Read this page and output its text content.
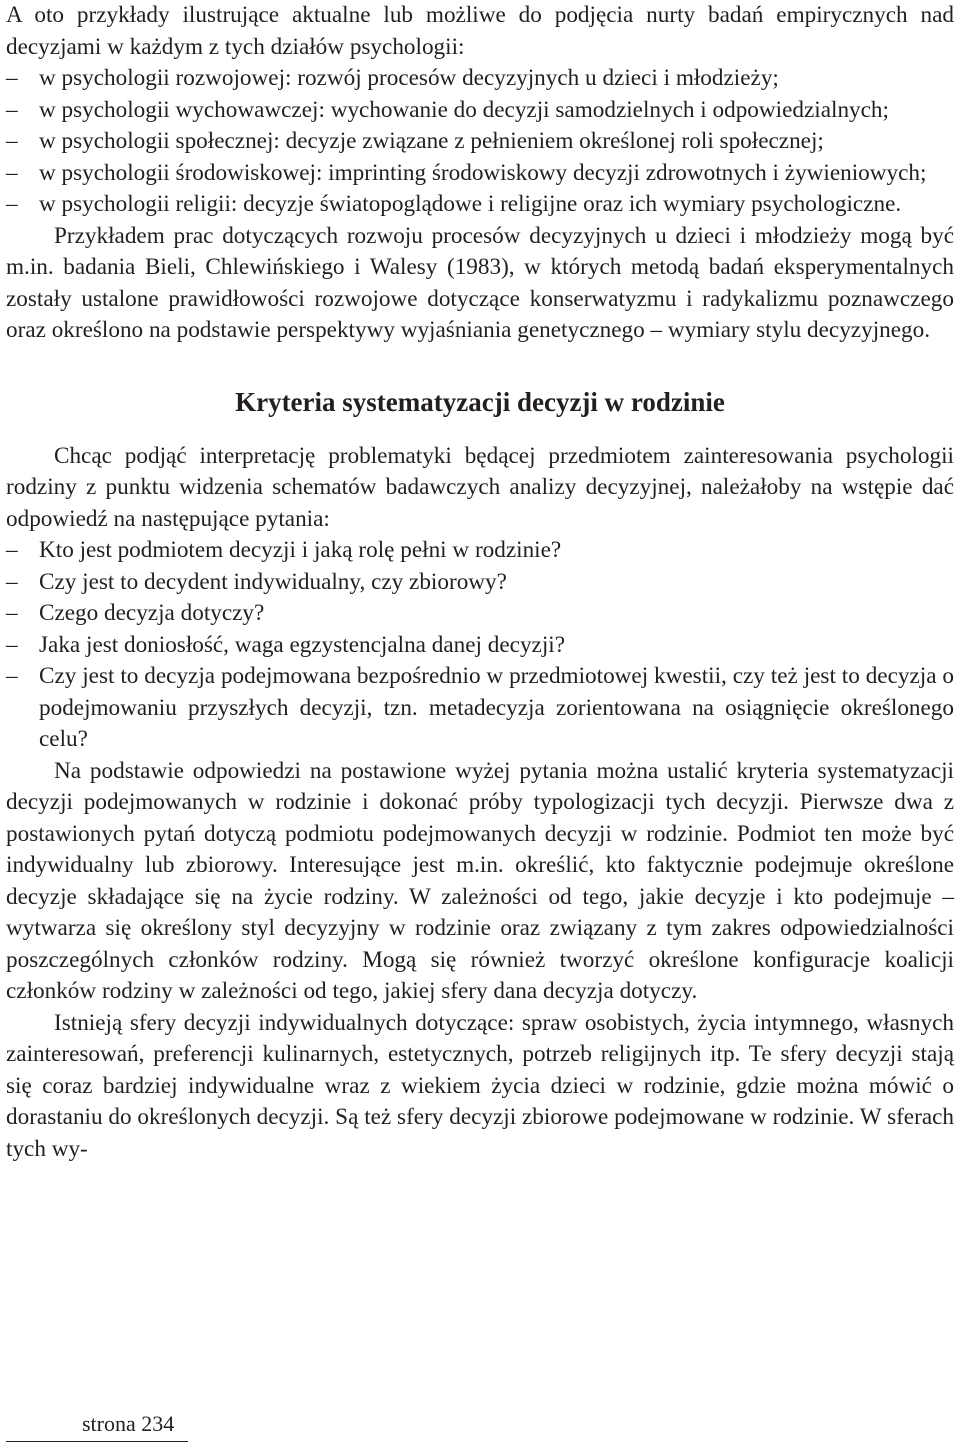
A oto przykłady ilustrujące aktualne lub możliwe do podjęcia nurty badań empirycznych nad decyzjami w każdym z tych działów psychologii:

– w psychologii rozwojowej: rozwój procesów decyzyjnych u dzieci i młodzieży;
– w psychologii wychowawczej: wychowanie do decyzji samodzielnych i odpowiedzialnych;
– w psychologii społecznej: decyzje związane z pełnieniem określonej roli społecznej;
– w psychologii środowiskowej: imprinting środowiskowy decyzji zdrowotnych i żywieniowych;
– w psychologii religii: decyzje światopoglądowe i religijne oraz ich wymiary psychologiczne.

Przykładem prac dotyczących rozwoju procesów decyzyjnych u dzieci i młodzieży mogą być m.in. badania Bieli, Chlewińskiego i Walesy (1983), w których metodą badań eksperymentalnych zostały ustalone prawidłowości rozwojowe dotyczące konserwatyzmu i radykalizmu poznawczego oraz określono na podstawie perspektywy wyjaśniania genetycznego – wymiary stylu decyzyjnego.

Kryteria systematyzacji decyzji w rodzinie

Chcąc podjąć interpretację problematyki będącej przedmiotem zainteresowania psychologii rodziny z punktu widzenia schematów badawczych analizy decyzyjnej, należałoby na wstępie dać odpowiedź na następujące pytania:

– Kto jest podmiotem decyzji i jaką rolę pełni w rodzinie?
– Czy jest to decydent indywidualny, czy zbiorowy?
– Czego decyzja dotyczy?
– Jaka jest doniosłość, waga egzystencjalna danej decyzji?
– Czy jest to decyzja podejmowana bezpośrednio w przedmiotowej kwestii, czy też jest to decyzja o podejmowaniu przyszłych decyzji, tzn. metadecyzja zorientowana na osiągnięcie określonego celu?

Na podstawie odpowiedzi na postawione wyżej pytania można ustalić kryteria systematyzacji decyzji podejmowanych w rodzinie i dokonać próby typologizacji tych decyzji. Pierwsze dwa z postawionych pytań dotyczą podmiotu podejmowanych decyzji w rodzinie. Podmiot ten może być indywidualny lub zbiorowy. Interesujące jest m.in. określić, kto faktycznie podejmuje określone decyzje składające się na życie rodziny. W zależności od tego, jakie decyzje i kto podejmuje – wytwarza się określony styl decyzyjny w rodzinie oraz związany z tym zakres odpowiedzialności poszczególnych członków rodziny. Mogą się również tworzyć określone konfiguracje koalicji członków rodziny w zależności od tego, jakiej sfery dana decyzja dotyczy.

Istnieją sfery decyzji indywidualnych dotyczące: spraw osobistych, życia intymnego, własnych zainteresowań, preferencji kulinarnych, estetycznych, potrzeb religijnych itp. Te sfery decyzji stają się coraz bardziej indywidualne wraz z wiekiem życia dzieci w rodzinie, gdzie można mówić o dorastaniu do określonych decyzji. Są też sfery decyzji zbiorowe podejmowane w rodzinie. W sferach tych wy-

strona 234
